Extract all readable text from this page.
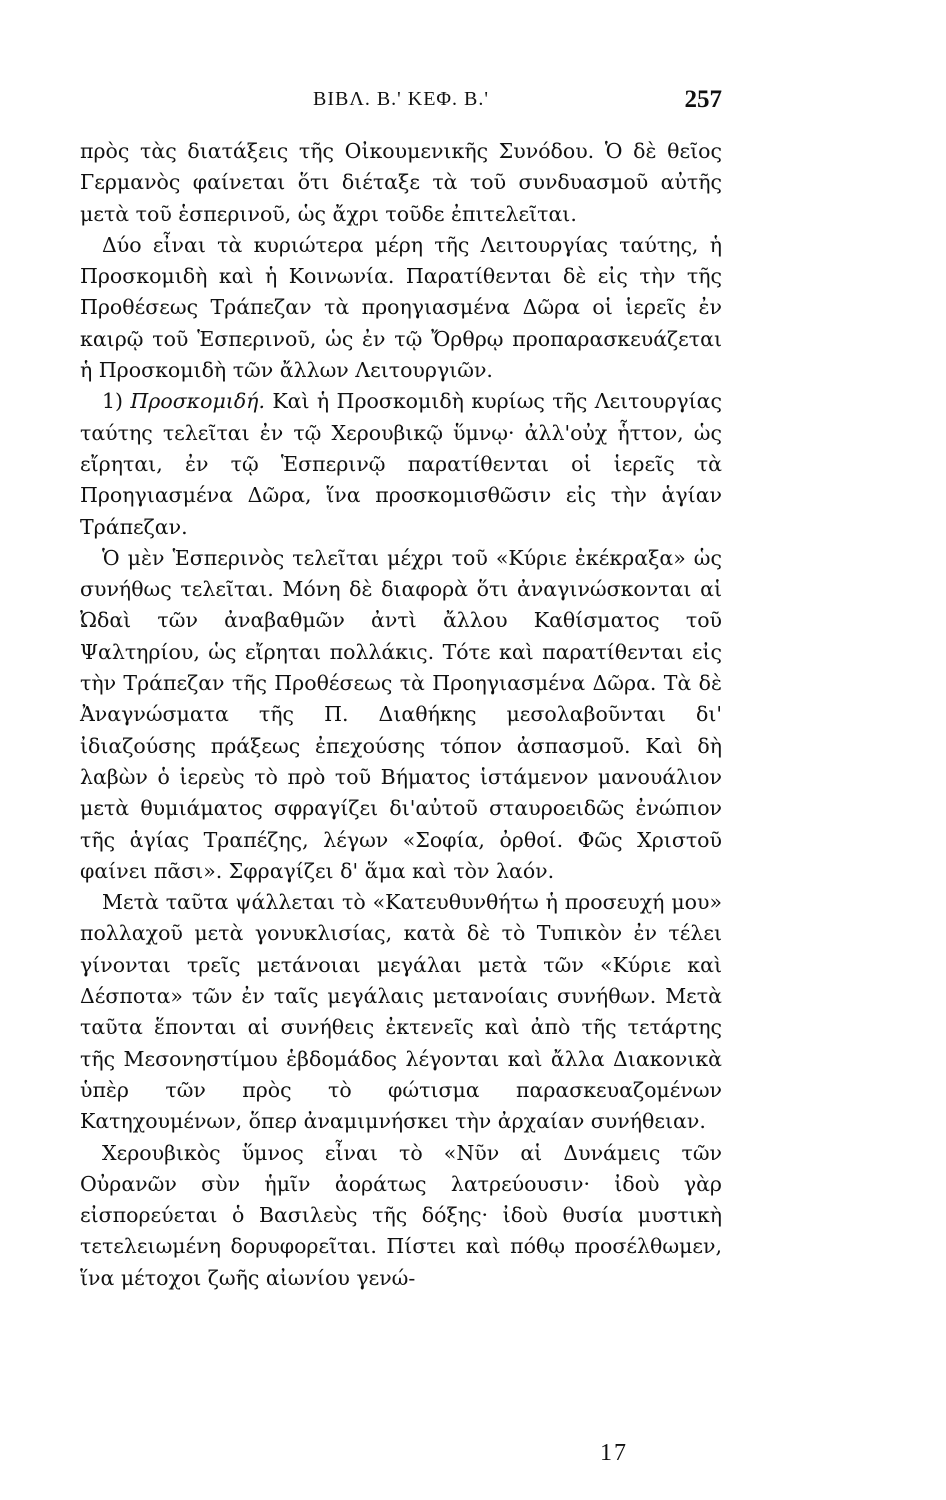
ΒΙΒΛ. Β.' ΚΕΦ. Β.'	257

πρὸς τὰς διατάξεις τῆς Οἰκουμενικῆς Συνόδου. Ὁ δὲ θεῖος Γερμανὸς φαίνεται ὅτι διέταξε τὰ τοῦ συνδυασμοῦ αὐτῆς μετὰ τοῦ ἑσπερινοῦ, ὡς ἄχρι τοῦδε ἐπιτελεῖται.

Δύο εἶναι τὰ κυριώτερα μέρη τῆς Λειτουργίας ταύτης, ἡ Προσκομιδὴ καὶ ἡ Κοινωνία. Παρατίθενται δὲ εἰς τὴν τῆς Προθέσεως Τράπεζαν τὰ προηγιασμένα Δῶρα οἱ ἱερεῖς ἐν καιρῷ τοῦ Ἑσπερινοῦ, ὡς ἐν τῷ Ὄρθρῳ προπαρασκευάζεται ἡ Προσκομιδὴ τῶν ἄλλων Λειτουργιῶν.

1) Προσκομιδή. Καὶ ἡ Προσκομιδὴ κυρίως τῆς Λειτουργίας ταύτης τελεῖται ἐν τῷ Χερουβικῷ ὕμνῳ· ἀλλ'οὐχ ἧττον, ὡς εἴρηται, ἐν τῷ Ἑσπερινῷ παρατίθενται οἱ ἱερεῖς τὰ Προηγιασμένα Δῶρα, ἵνα προσκομισθῶσιν εἰς τὴν ἁγίαν Τράπεζαν.

Ὁ μὲν Ἑσπερινὸς τελεῖται μέχρι τοῦ «Κύριε ἐκέκραξα» ὡς συνήθως τελεῖται. Μόνη δὲ διαφορὰ ὅτι ἀναγινώσκονται αἱ Ὠδαὶ τῶν ἀναβαθμῶν ἀντὶ ἄλλου Καθίσματος τοῦ Ψαλτηρίου, ὡς εἴρηται πολλάκις. Τότε καὶ παρατίθενται εἰς τὴν Τράπεζαν τῆς Προθέσεως τὰ Προηγιασμένα Δῶρα. Τὰ δὲ Ἀναγνώσματα τῆς Π. Διαθήκης μεσολαβοῦνται δι' ἰδιαζούσης πράξεως ἐπεχούσης τόπον ἀσπασμοῦ. Καὶ δὴ λαβὼν ὁ ἱερεὺς τὸ πρὸ τοῦ Βήματος ἱστάμενον μανουάλιον μετὰ θυμιάματος σφραγίζει δι'αὐτοῦ σταυροειδῶς ἐνώπιον τῆς ἁγίας Τραπέζης, λέγων «Σοφία, ὀρθοί. Φῶς Χριστοῦ φαίνει πᾶσι». Σφραγίζει δ' ἅμα καὶ τὸν λαόν.

Μετὰ ταῦτα ψάλλεται τὸ «Κατευθυνθήτω ἡ προσευχή μου» πολλαχοῦ μετὰ γονυκλισίας, κατὰ δὲ τὸ Τυπικὸν ἐν τέλει γίνονται τρεῖς μετάνοιαι μεγάλαι μετὰ τῶν «Κύριε καὶ Δέσποτα» τῶν ἐν ταῖς μεγάλαις μετανοίαις συνήθων. Μετὰ ταῦτα ἕπονται αἱ συνήθεις ἐκτενεῖς καὶ ἀπὸ τῆς τετάρτης τῆς Μεσονηστίμου ἑβδομάδος λέγονται καὶ ἄλλα Διακονικὰ ὑπὲρ τῶν πρὸς τὸ φώτισμα παρασκευαζομένων Κατηχουμένων, ὅπερ ἀναμιμνήσκει τὴν ἀρχαίαν συνήθειαν.

Χερουβικὸς ὕμνος εἶναι τὸ «Νῦν αἱ Δυνάμεις τῶν Οὐρανῶν σὺν ἡμῖν ἀοράτως λατρεύουσιν· ἰδοὺ γὰρ εἰσπορεύεται ὁ Βασιλεὺς τῆς δόξης· ἰδοὺ θυσία μυστικὴ τετελειωμένη δορυφορεῖται. Πίστει καὶ πόθῳ προσέλθωμεν, ἵνα μέτοχοι ζωῆς αἰωνίου γενώ-

17
